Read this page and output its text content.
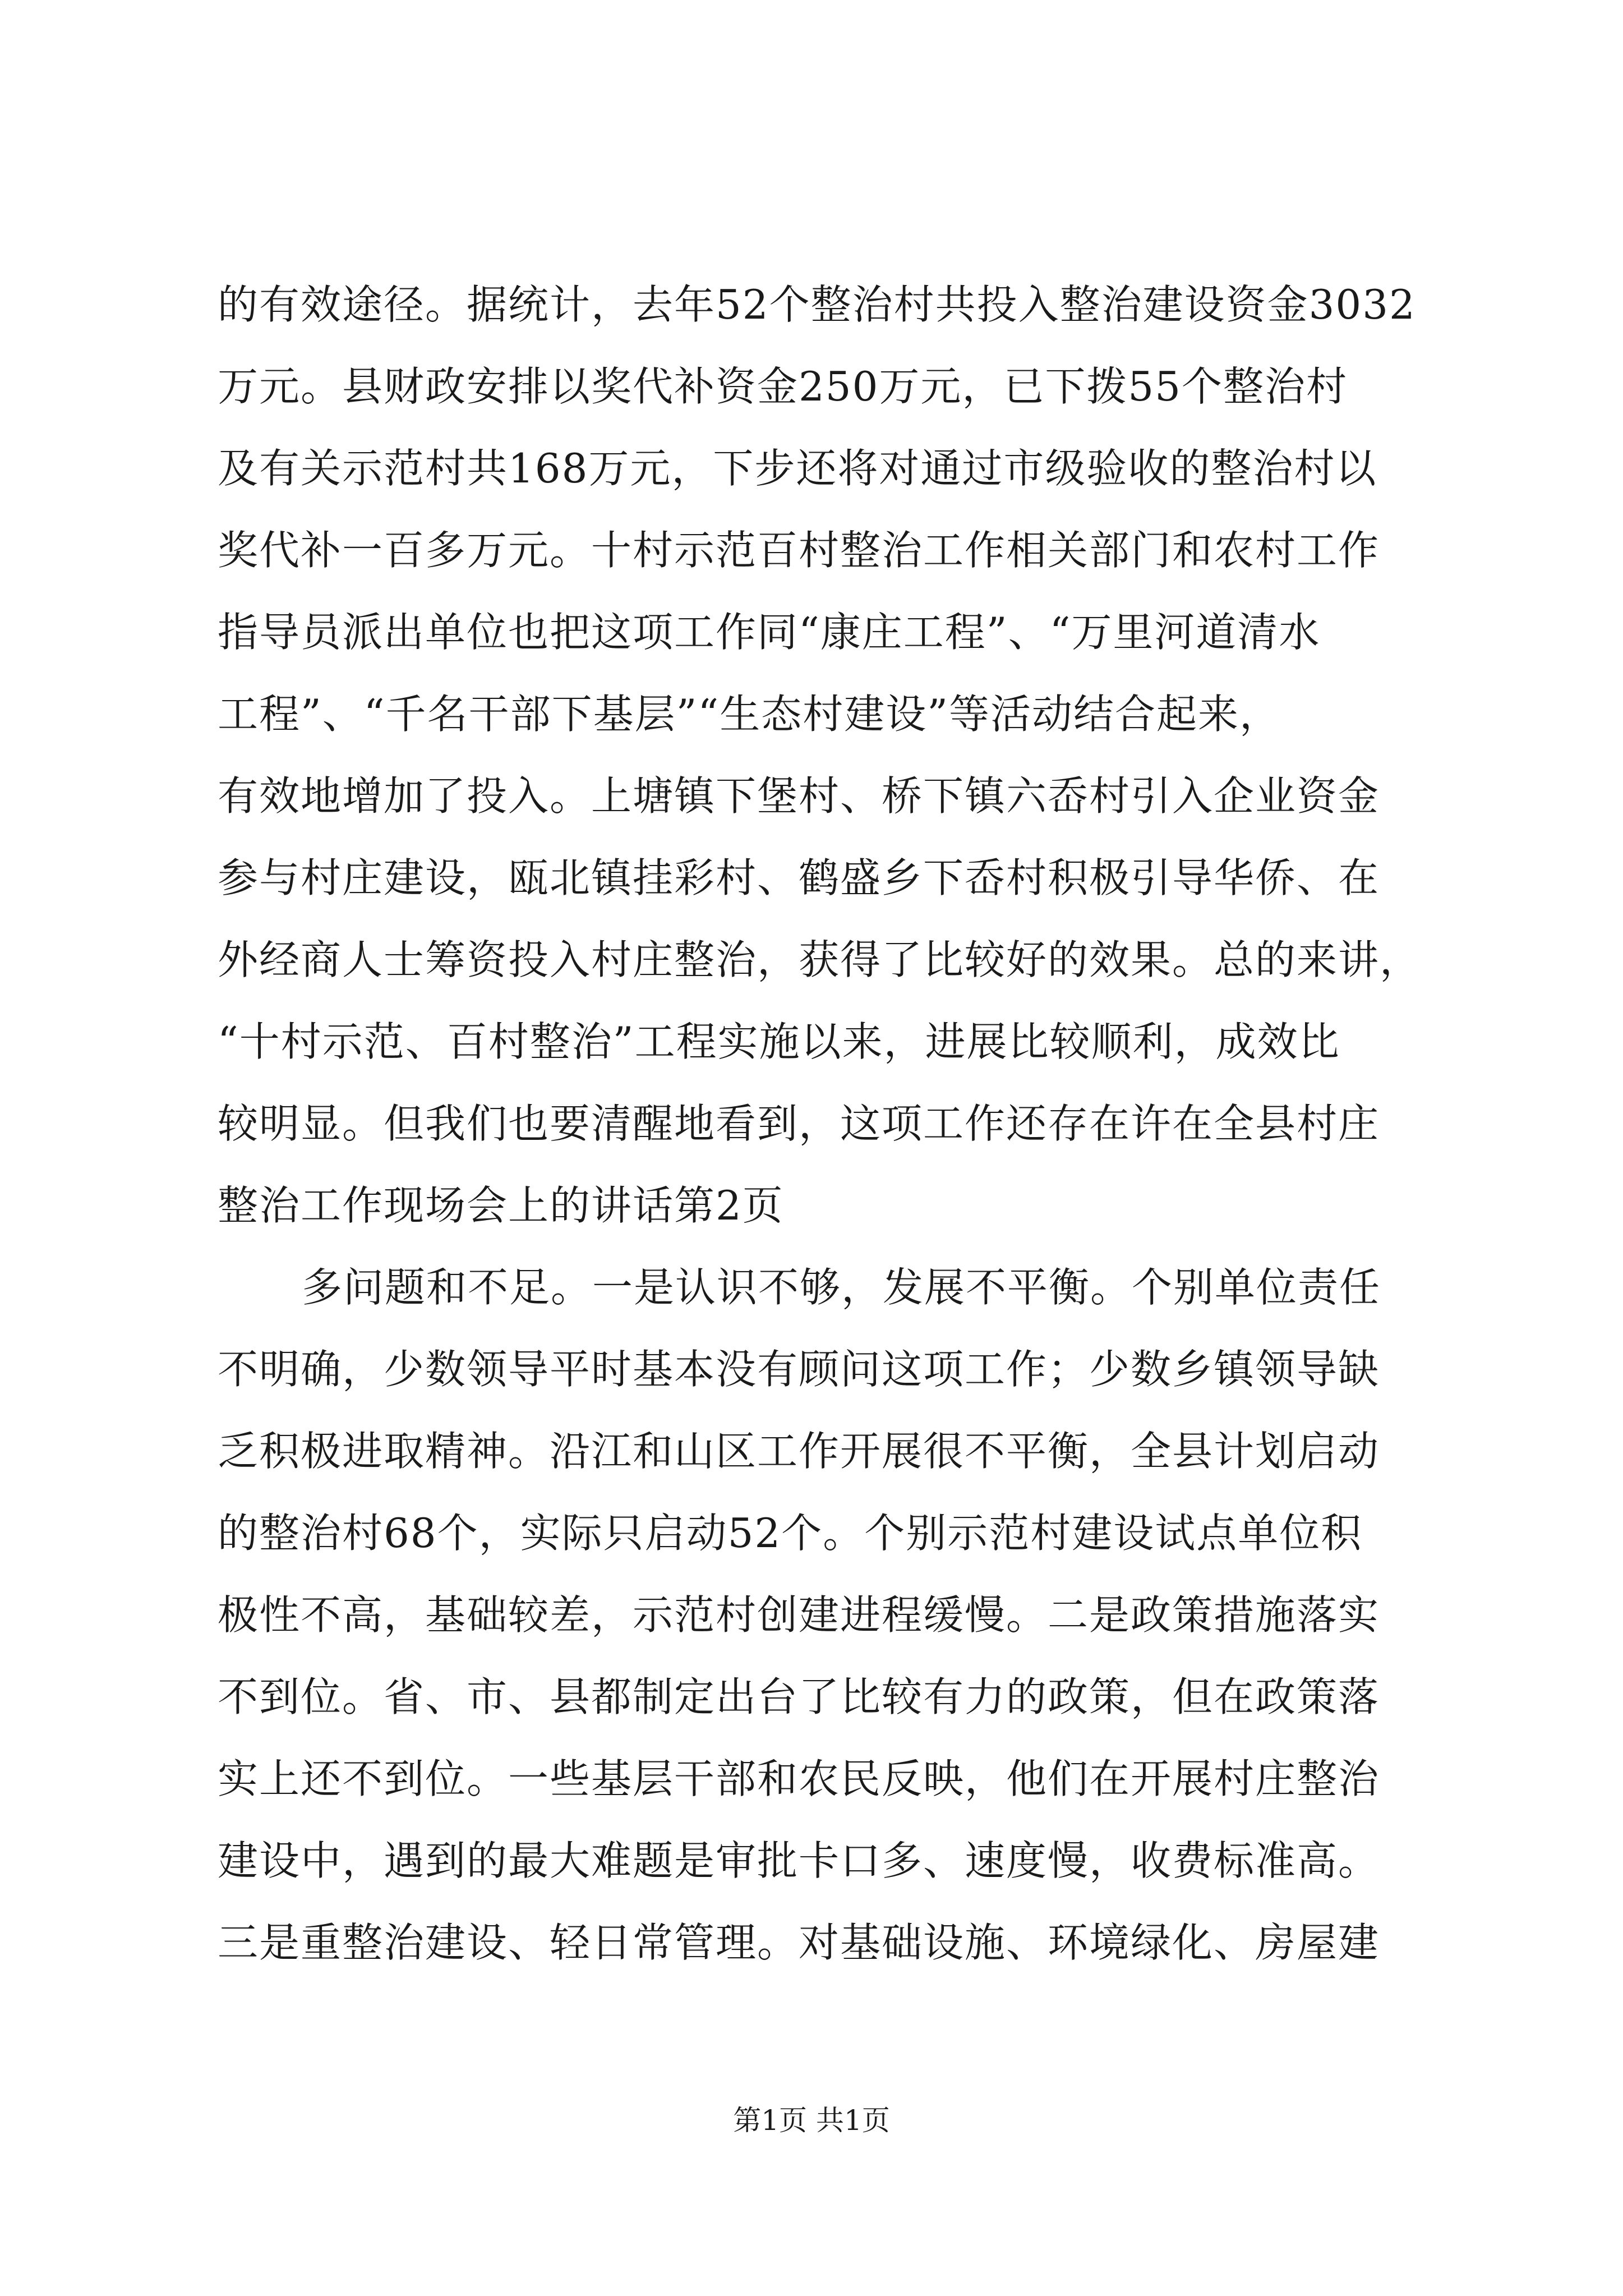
的有效途径。据统计，去年52个整治村共投入整治建设资金3032
万元。县财政安排以奖代补资金250万元，已下拨55个整治村
及有关示范村共168万元，下步还将对通过市级验收的整治村以
奖代补一百多万元。十村示范百村整治工作相关部门和农村工作
指导员派出单位也把这项工作同“康庄工程”、“万里河道清水
工程”、“千名干部下基层”“生态村建设”等活动结合起来，
有效地增加了投入。上塘镇下堡村、桥下镇六岙村引入企业资金
参与村庄建设，瓯北镇挂彩村、鹤盛乡下岙村积极引导华侨、在
外经商人士筹资投入村庄整治，获得了比较好的效果。总的来讲，
“十村示范、百村整治”工程实施以来，进展比较顺利，成效比
较明显。但我们也要清醒地看到，这项工作还存在许在全县村庄
整治工作现场会上的讲话第2页
多问题和不足。一是认识不够，发展不平衡。个别单位责任
不明确，少数领导平时基本没有顾问这项工作；少数乡镇领导缺
乏积极进取精神。沿江和山区工作开展很不平衡，全县计划启动
的整治村68个，实际只启动52个。个别示范村建设试点单位积
极性不高，基础较差，示范村创建进程缓慢。二是政策措施落实
不到位。省、市、县都制定出台了比较有力的政策，但在政策落
实上还不到位。一些基层干部和农民反映，他们在开展村庄整治
建设中，遇到的最大难题是审批卡口多、速度慢，收费标准高。
三是重整治建设、轻日常管理。对基础设施、环境绿化、房屋建
第1页 共1页
